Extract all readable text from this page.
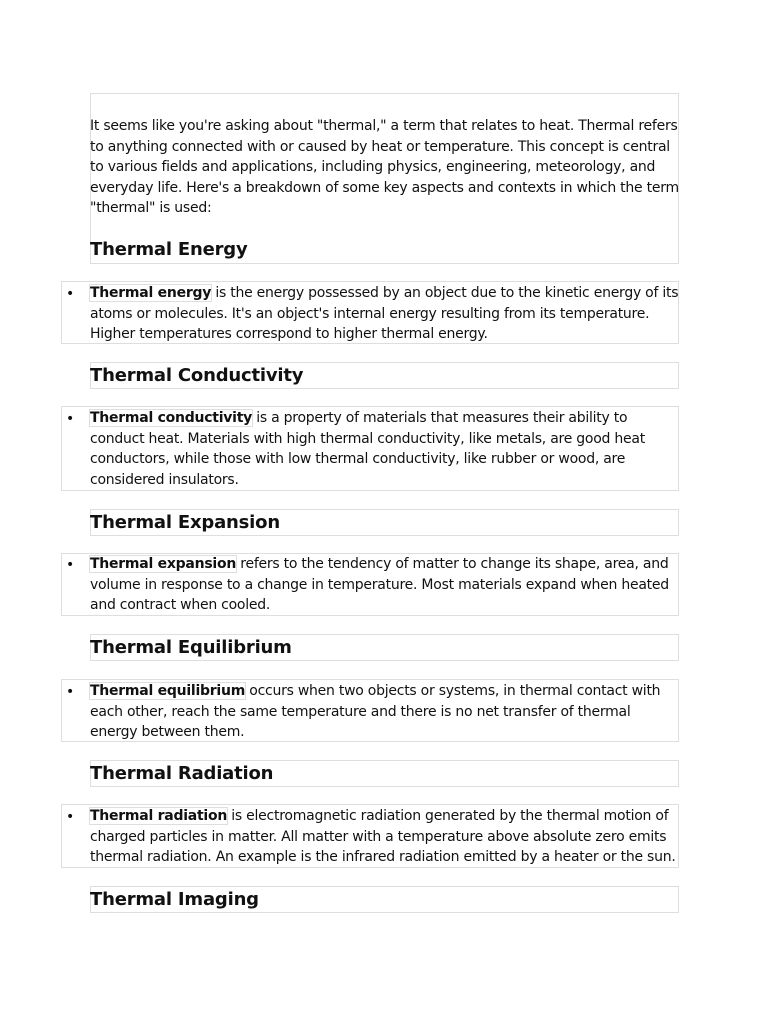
It seems like you're asking about "thermal," a term that relates to heat. Thermal refers to anything connected with or caused by heat or temperature. This concept is central to various fields and applications, including physics, engineering, meteorology, and everyday life. Here's a breakdown of some key aspects and contexts in which the term "thermal" is used:

Thermal Energy
• Thermal energy is the energy possessed by an object due to the kinetic energy of its atoms or molecules. It's an object's internal energy resulting from its temperature. Higher temperatures correspond to higher thermal energy.

Thermal Conductivity
• Thermal conductivity is a property of materials that measures their ability to conduct heat. Materials with high thermal conductivity, like metals, are good heat conductors, while those with low thermal conductivity, like rubber or wood, are considered insulators.

Thermal Expansion
• Thermal expansion refers to the tendency of matter to change its shape, area, and volume in response to a change in temperature. Most materials expand when heated and contract when cooled.

Thermal Equilibrium
• Thermal equilibrium occurs when two objects or systems, in thermal contact with each other, reach the same temperature and there is no net transfer of thermal energy between them.

Thermal Radiation
• Thermal radiation is electromagnetic radiation generated by the thermal motion of charged particles in matter. All matter with a temperature above absolute zero emits thermal radiation. An example is the infrared radiation emitted by a heater or the sun.

Thermal Imaging
